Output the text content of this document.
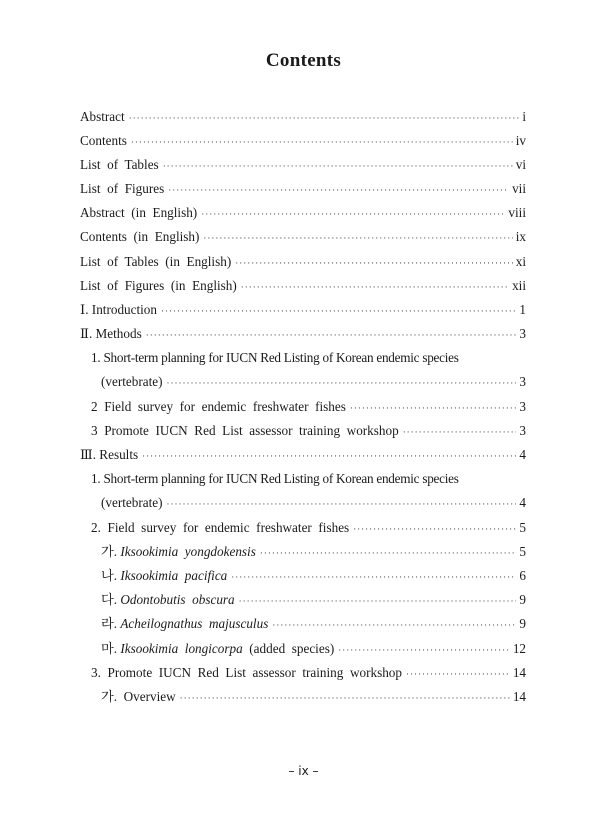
Contents
Abstract ·····	i
Contents ·····	iv
List  of  Tables ·····	vi
List  of  Figures ·····	vii
Abstract  (in  English) ·····	viii
Contents  (in  English) ·····	ix
List  of  Tables  (in  English) ·····	xi
List  of  Figures  (in  English) ·····	xii
Ⅰ. Introduction ·····	1
Ⅱ. Methods ·····	3
1. Short-term planning for IUCN Red Listing of Korean endemic species
(vertebrate) ·····	3
2  Field  survey  for  endemic  freshwater  fishes ·····	3
3  Promote  IUCN  Red  List  assessor  training  workshop ·····	3
Ⅲ. Results ·····	4
1. Short-term planning for IUCN Red Listing of Korean endemic species
(vertebrate) ·····	4
2.  Field  survey  for  endemic  freshwater  fishes ·····	5
가. Iksookimia  yongdokensis ·····	5
나. Iksookimia  pacifica ·····	6
다. Odontobutis  obscura ·····	9
라. Acheilognathus  majusculus ·····	9
마. Iksookimia  longicorpa  (added  species) ·····	12
3.  Promote  IUCN  Red  List  assessor  training  workshop ·····	14
가.  Overview ·····	14
– ix –
